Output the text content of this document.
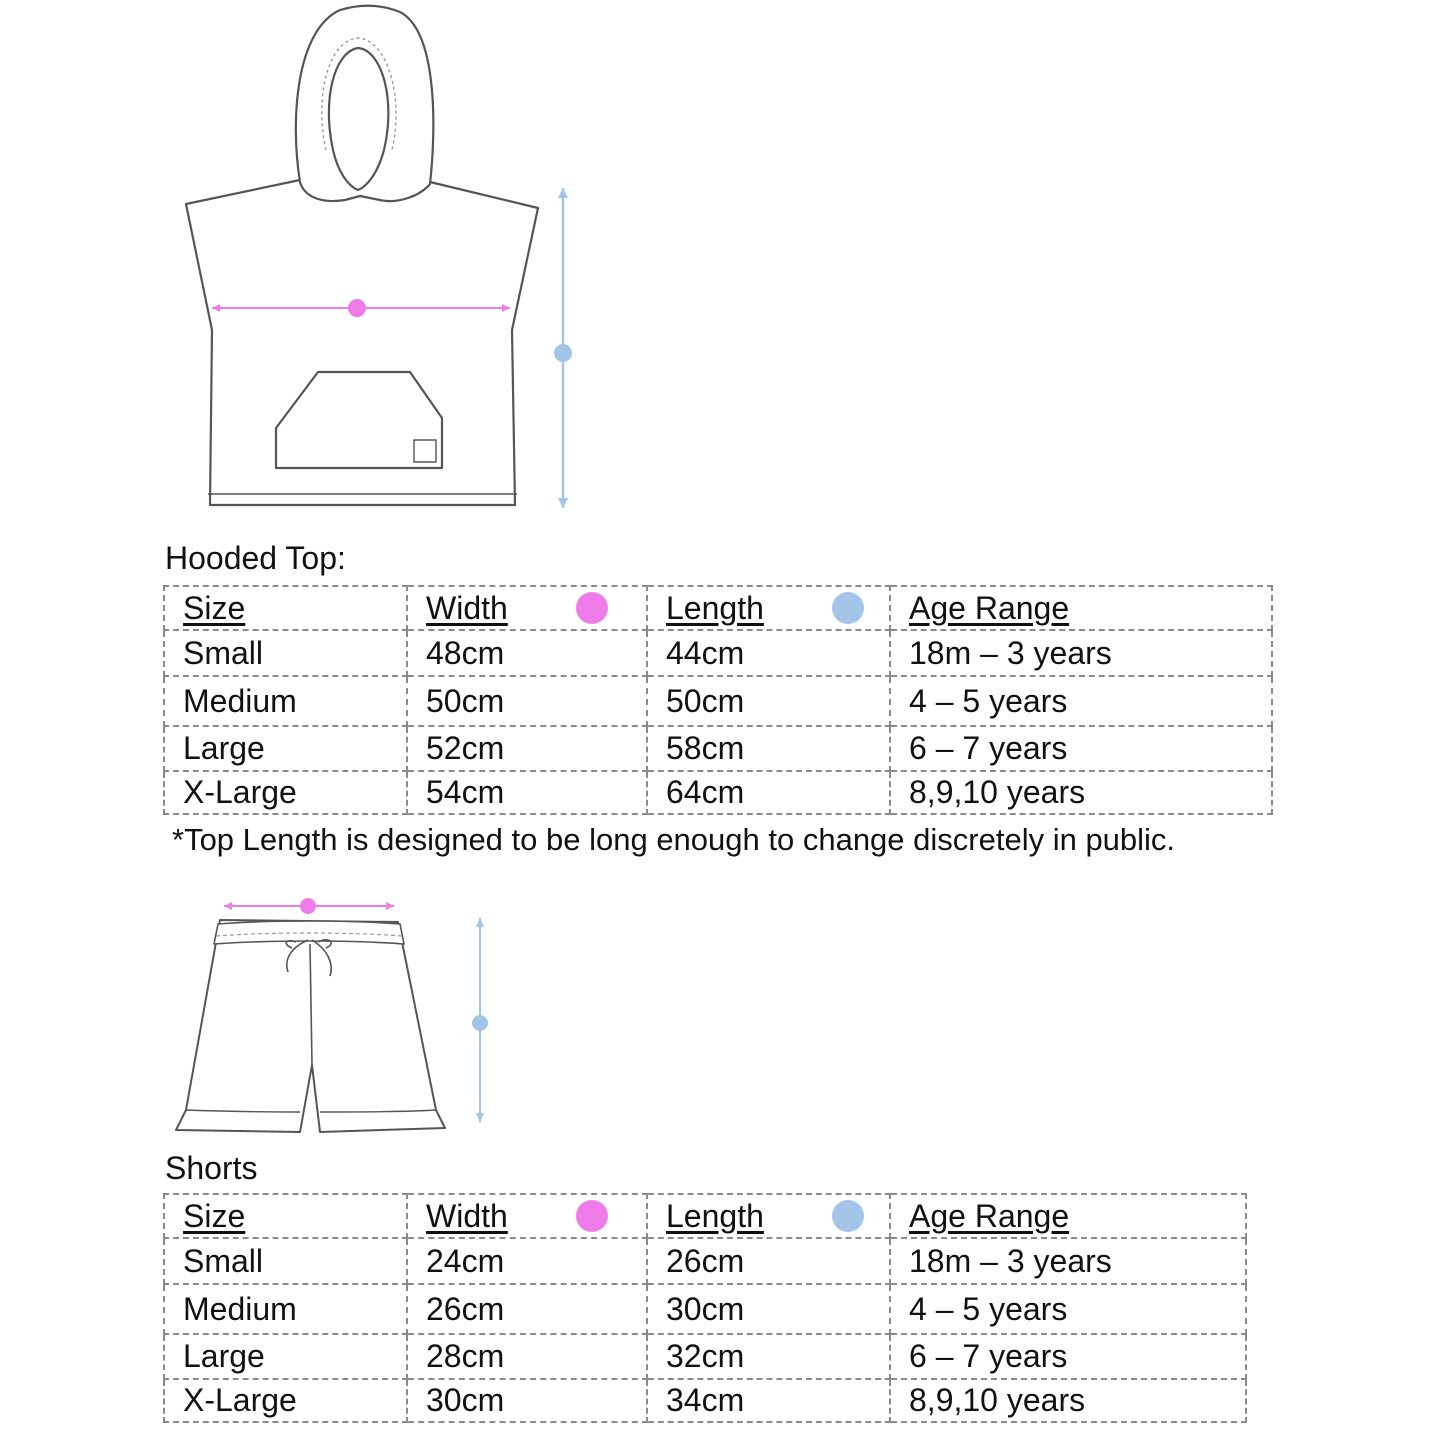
Hooded Top:
Size	Width	Length	Age Range
Small	48cm	44cm	18m – 3 years
Medium	50cm	50cm	4 – 5 years
Large	52cm	58cm	6 – 7 years
X-Large	54cm	64cm	8,9,10 years

*Top Length is designed to be long enough to change discretely in public.

Shorts
Size	Width	Length	Age Range
Small	24cm	26cm	18m – 3 years
Medium	26cm	30cm	4 – 5 years
Large	28cm	32cm	6 – 7 years
X-Large	30cm	34cm	8,9,10 years
